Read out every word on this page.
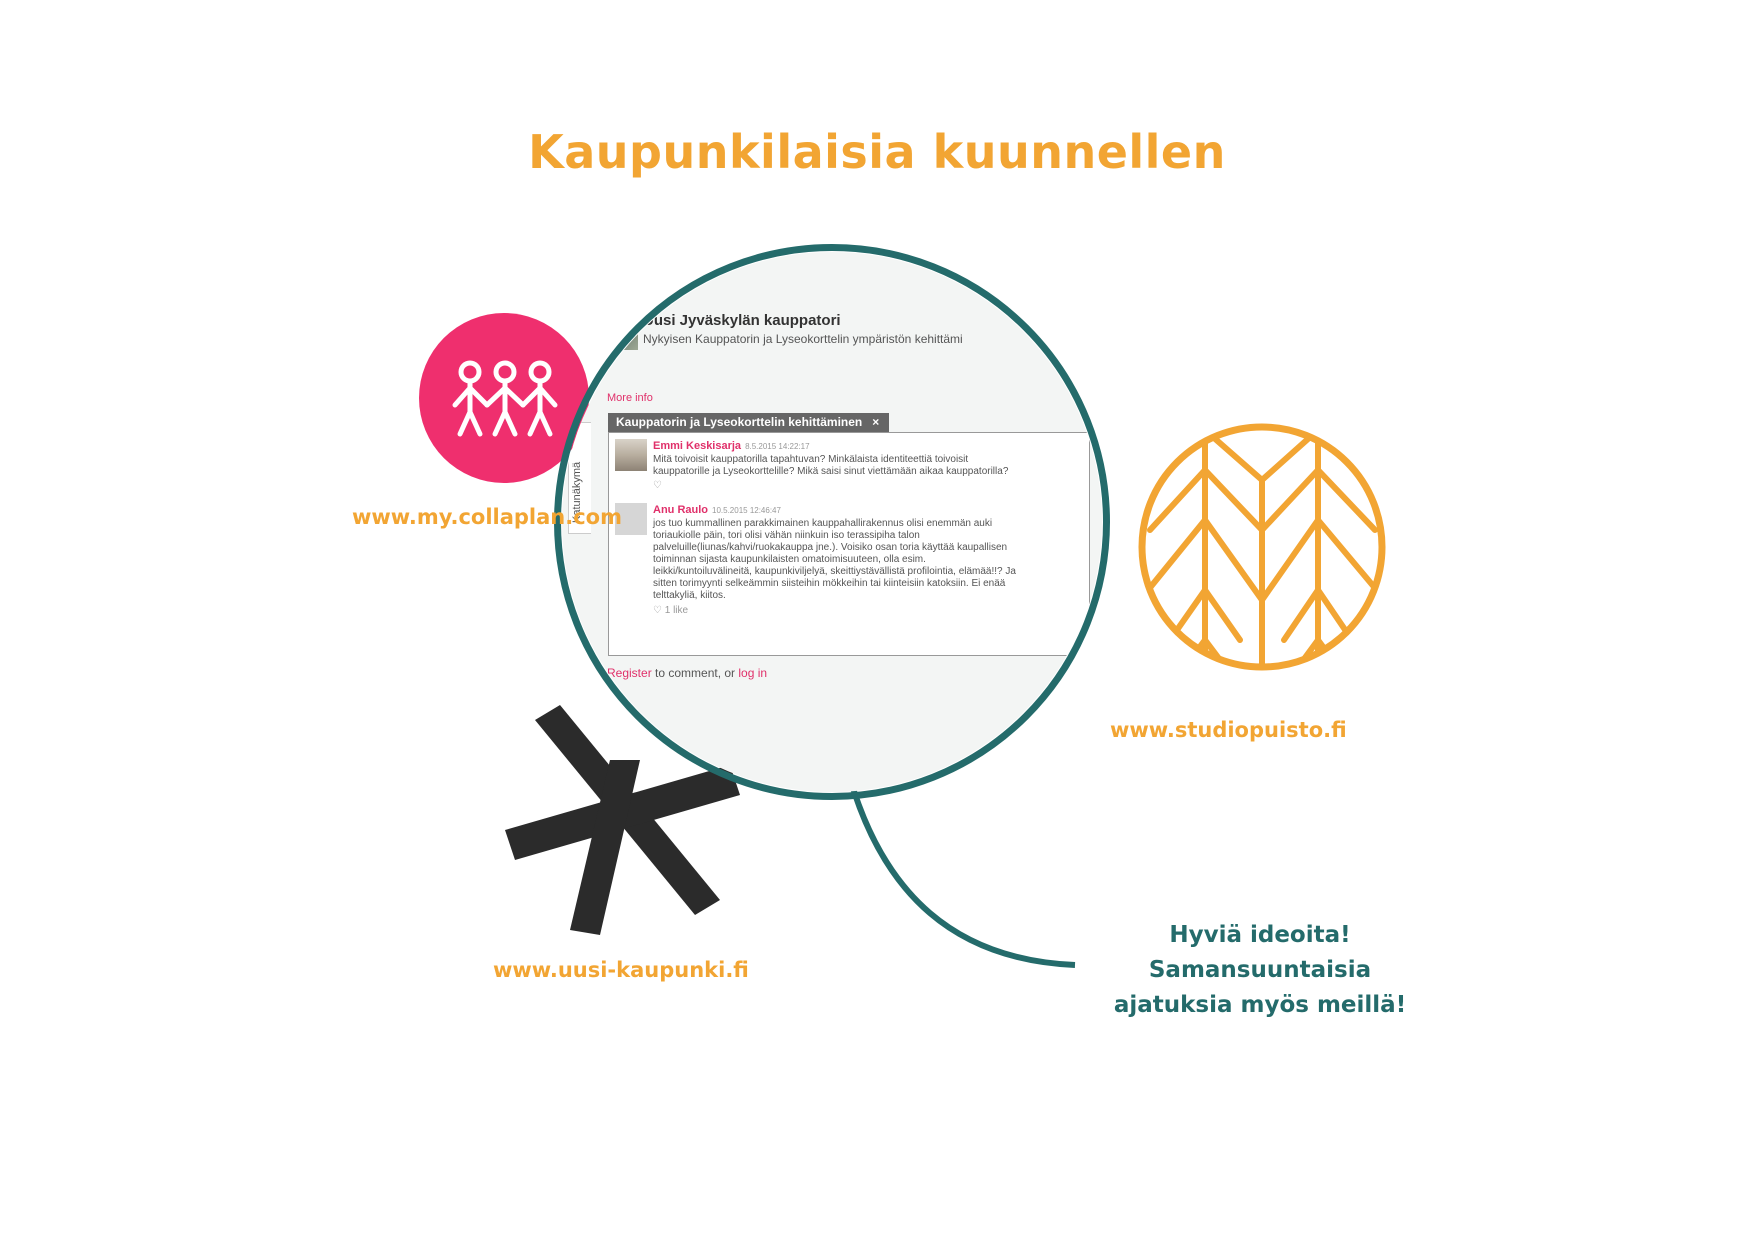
Kaupunkilaisia kuunnellen
Uusi Jyväskylän kauppatori
Nykyisen Kauppatorin ja Lyseokorttelin ympäristön kehittämi
More info
Katunäkymä
Kauppatorin ja Lyseokorttelin kehittäminen ×
Emmi Keskisarja 8.5.2015 14:22:17
Mitä toivoisit kauppatorilla tapahtuvan? Minkälaista identiteettiä toivoisit
kauppatorille ja Lyseokorttelille? Mikä saisi sinut viettämään aikaa kauppatorilla?
♡
Anu Raulo 10.5.2015 12:46:47
jos tuo kummallinen parakkimainen kauppahallirakennus olisi enemmän auki
toriaukiolle päin, tori olisi vähän niinkuin iso terassipiha talon
palveluille(liunas/kahvi/ruokakauppa jne.). Voisiko osan toria käyttää kaupallisen
toiminnan sijasta kaupunkilaisten omatoimisuuteen, olla esim.
leikki/kuntoiluvälineitä, kaupunkiviljelyä, skeittiystävällistä profilointia, elämää!!? Ja
sitten torimyynti selkeämmin siisteihin mökkeihin tai kiinteisiin katoksiin. Ei enää
telttakyliä, kiitos.
♡ 1 like
Register to comment, or log in
www.my.collaplan.com
www.studiopuisto.fi
www.uusi-kaupunki.fi
Hyviä ideoita!
Samansuuntaisia
ajatuksia myös meillä!
